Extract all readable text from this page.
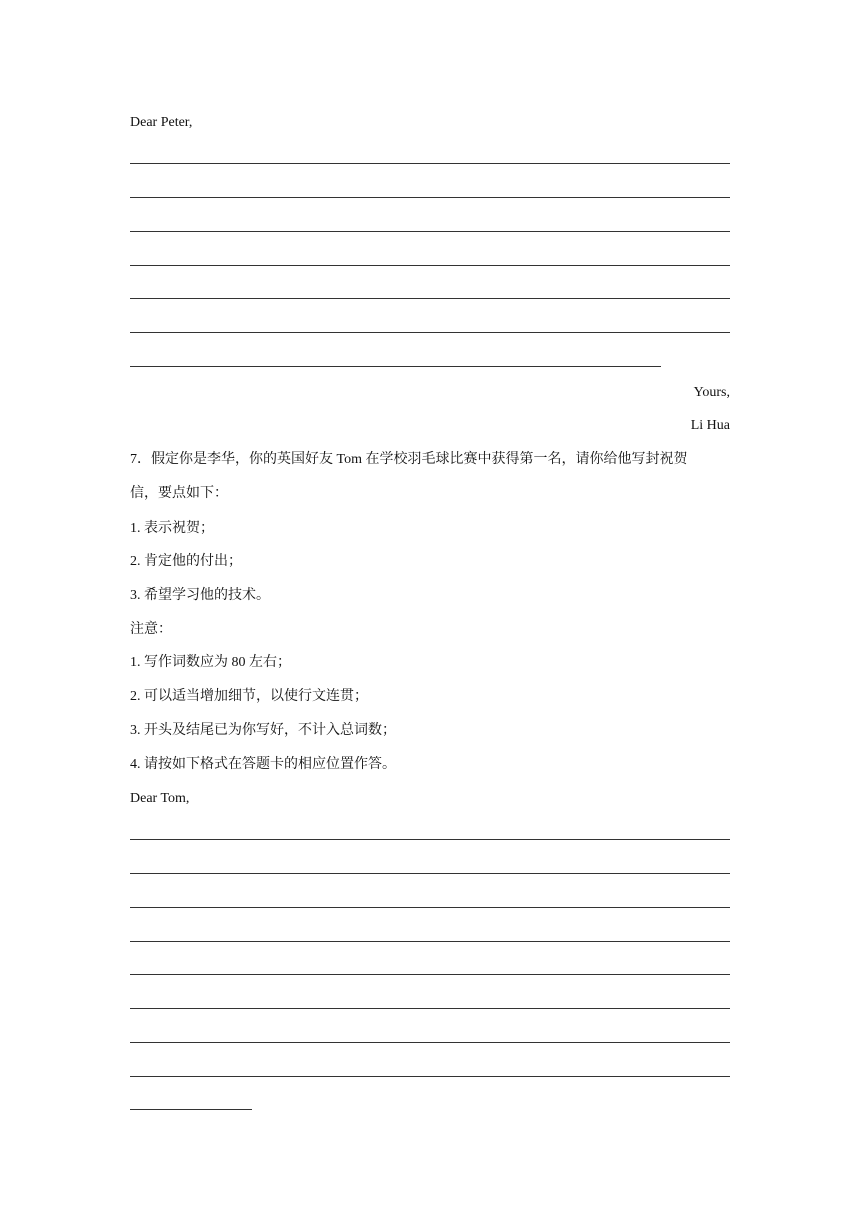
Dear Peter,
Yours,
Li Hua
7．假定你是李华，你的英国好友 Tom 在学校羽毛球比赛中获得第一名，请你给他写封祝贺
信，要点如下：
1. 表示祝贺；
2. 肯定他的付出；
3. 希望学习他的技术。
注意：
1. 写作词数应为 80 左右；
2. 可以适当增加细节，以使行文连贯；
3. 开头及结尾已为你写好，不计入总词数；
4. 请按如下格式在答题卡的相应位置作答。
Dear Tom,
